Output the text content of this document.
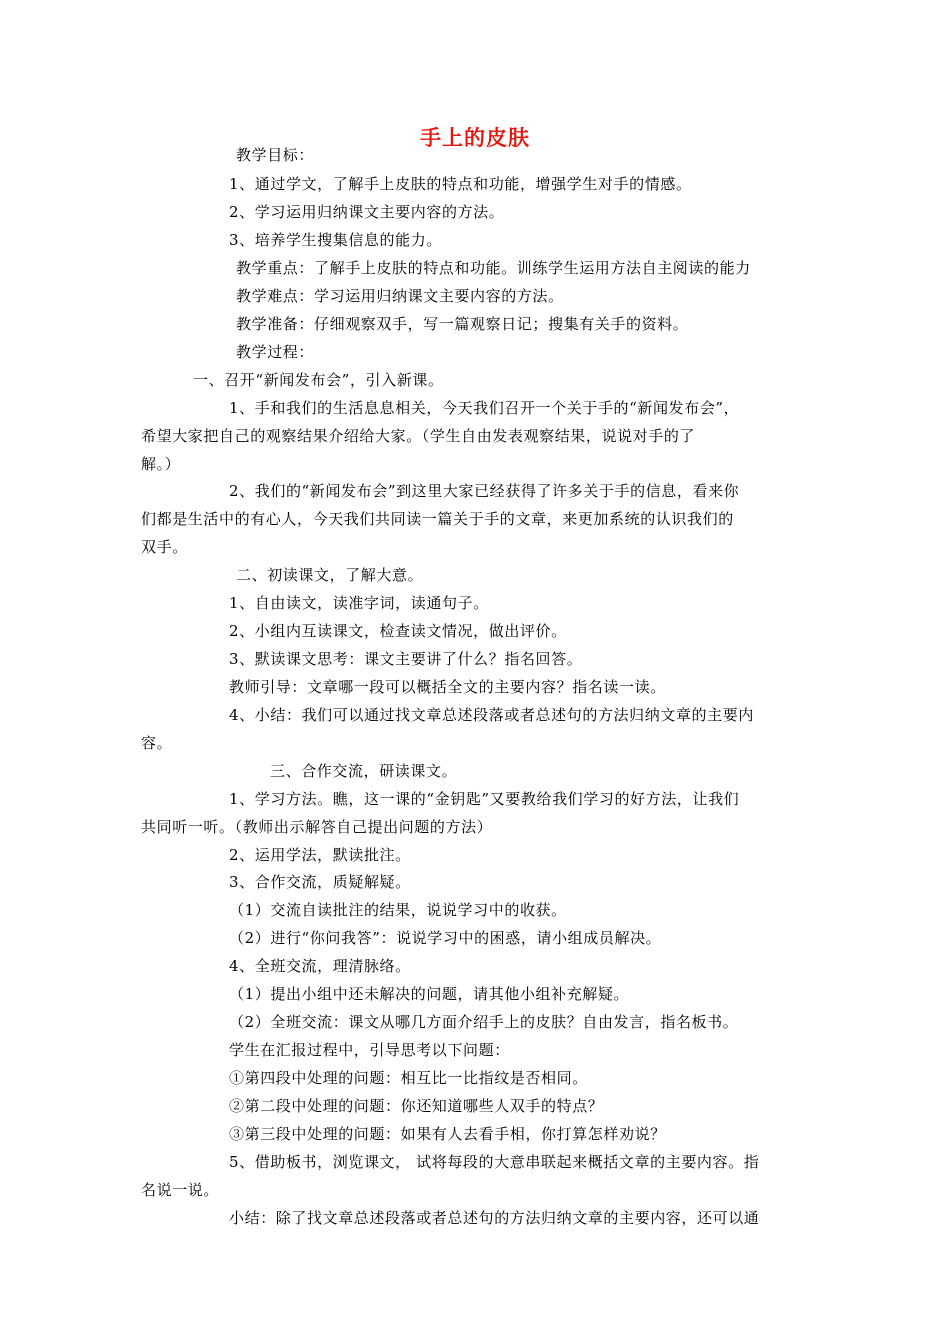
手上的皮肤
教学目标：
1、通过学文，了解手上皮肤的特点和功能，增强学生对手的情感。
2、学习运用归纳课文主要内容的方法。
3、培养学生搜集信息的能力。
教学重点：了解手上皮肤的特点和功能。训练学生运用方法自主阅读的能力
教学难点：学习运用归纳课文主要内容的方法。
教学准备：仔细观察双手，写一篇观察日记；搜集有关手的资料。
教学过程：
一、召开“新闻发布会”，引入新课。
1、手和我们的生活息息相关，今天我们召开一个关于手的“新闻发布会”，
希望大家把自己的观察结果介绍给大家。（学生自由发表观察结果，说说对手的了
解。）
2、我们的“新闻发布会”到这里大家已经获得了许多关于手的信息，看来你
们都是生活中的有心人，今天我们共同读一篇关于手的文章，来更加系统的认识我们的
双手。
二、初读课文，了解大意。
1、自由读文，读准字词，读通句子。
2、小组内互读课文，检查读文情况，做出评价。
3、默读课文思考：课文主要讲了什么？指名回答。
教师引导：文章哪一段可以概括全文的主要内容？指名读一读。
4、小结：我们可以通过找文章总述段落或者总述句的方法归纳文章的主要内
容。
三、合作交流，研读课文。
1、学习方法。瞧，这一课的“金钥匙”又要教给我们学习的好方法，让我们
共同听一听。（教师出示解答自己提出问题的方法）
2、运用学法，默读批注。
3、合作交流，质疑解疑。
（1）交流自读批注的结果，说说学习中的收获。
（2）进行“你问我答”：说说学习中的困惑，请小组成员解决。
4、全班交流，理清脉络。
（1）提出小组中还未解决的问题，请其他小组补充解疑。
（2）全班交流：课文从哪几方面介绍手上的皮肤？自由发言，指名板书。
学生在汇报过程中，引导思考以下问题：
①第四段中处理的问题：相互比一比指纹是否相同。
②第二段中处理的问题：你还知道哪些人双手的特点？
③第三段中处理的问题：如果有人去看手相，你打算怎样劝说？
5、借助板书，浏览课文， 试将每段的大意串联起来概括文章的主要内容。指
名说一说。
小结：除了找文章总述段落或者总述句的方法归纳文章的主要内容，还可以通
